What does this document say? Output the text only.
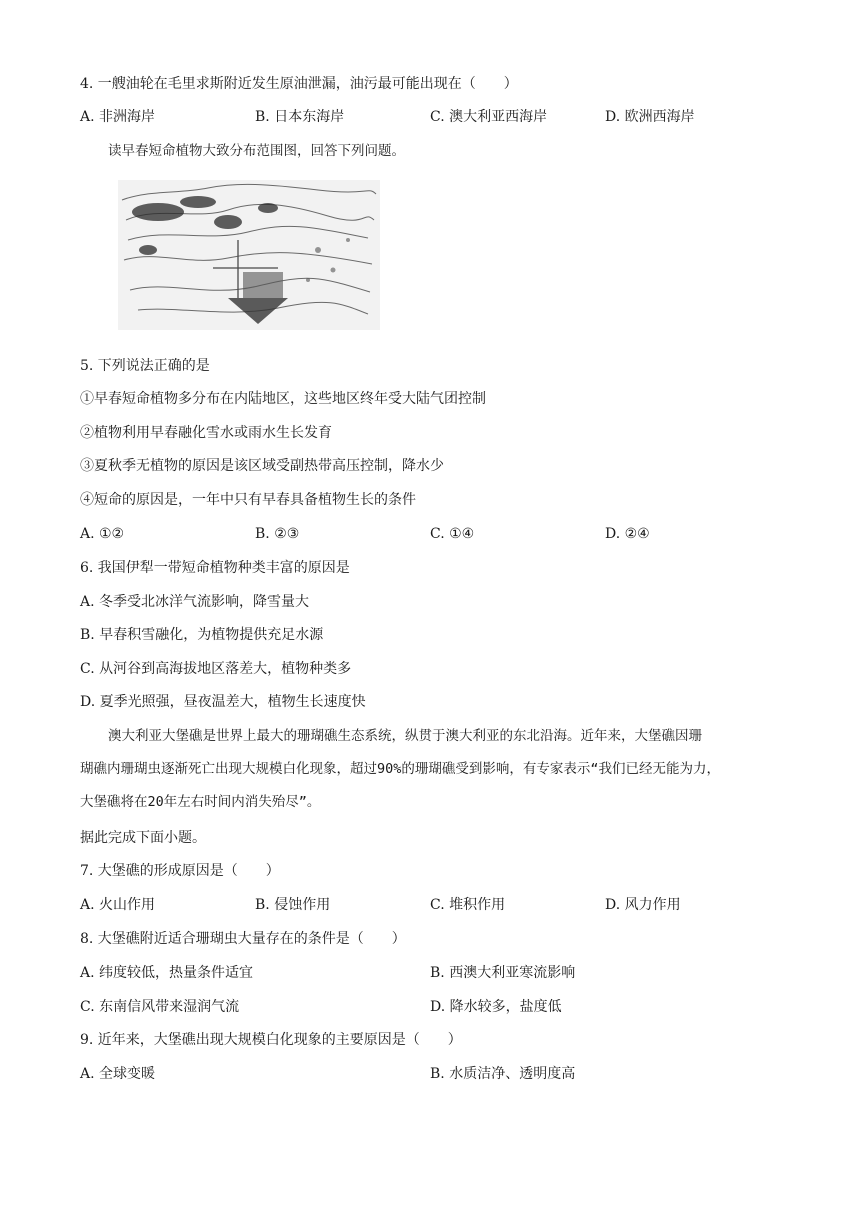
4. 一艘油轮在毛里求斯附近发生原油泄漏，油污最可能出现在（　　）
A. 非洲海岸	B. 日本东海岸	C. 澳大利亚西海岸	D. 欧洲西海岸
读早春短命植物大致分布范围图，回答下列问题。
5. 下列说法正确的是
①早春短命植物多分布在内陆地区，这些地区终年受大陆气团控制
②植物利用早春融化雪水或雨水生长发育
③夏秋季无植物的原因是该区域受副热带高压控制，降水少
④短命的原因是，一年中只有早春具备植物生长的条件
A. ①②	B. ②③	C. ①④	D. ②④
6. 我国伊犁一带短命植物种类丰富的原因是
A. 冬季受北冰洋气流影响，降雪量大
B. 早春积雪融化，为植物提供充足水源
C. 从河谷到高海拔地区落差大，植物种类多
D. 夏季光照强，昼夜温差大，植物生长速度快
澳大利亚大堡礁是世界上最大的珊瑚礁生态系统，纵贯于澳大利亚的东北沿海。近年来，大堡礁因珊
瑚礁内珊瑚虫逐渐死亡出现大规模白化现象，超过90%的珊瑚礁受到影响，有专家表示“我们已经无能为力，
大堡礁将在20年左右时间内消失殆尽”。
据此完成下面小题。
7. 大堡礁的形成原因是（　　）
A. 火山作用	B. 侵蚀作用	C. 堆积作用	D. 风力作用
8. 大堡礁附近适合珊瑚虫大量存在的条件是（　　）
A. 纬度较低，热量条件适宜	B. 西澳大利亚寒流影响
C. 东南信风带来湿润气流	D. 降水较多，盐度低
9. 近年来，大堡礁出现大规模白化现象的主要原因是（　　）
A. 全球变暖	B. 水质洁净、透明度高
